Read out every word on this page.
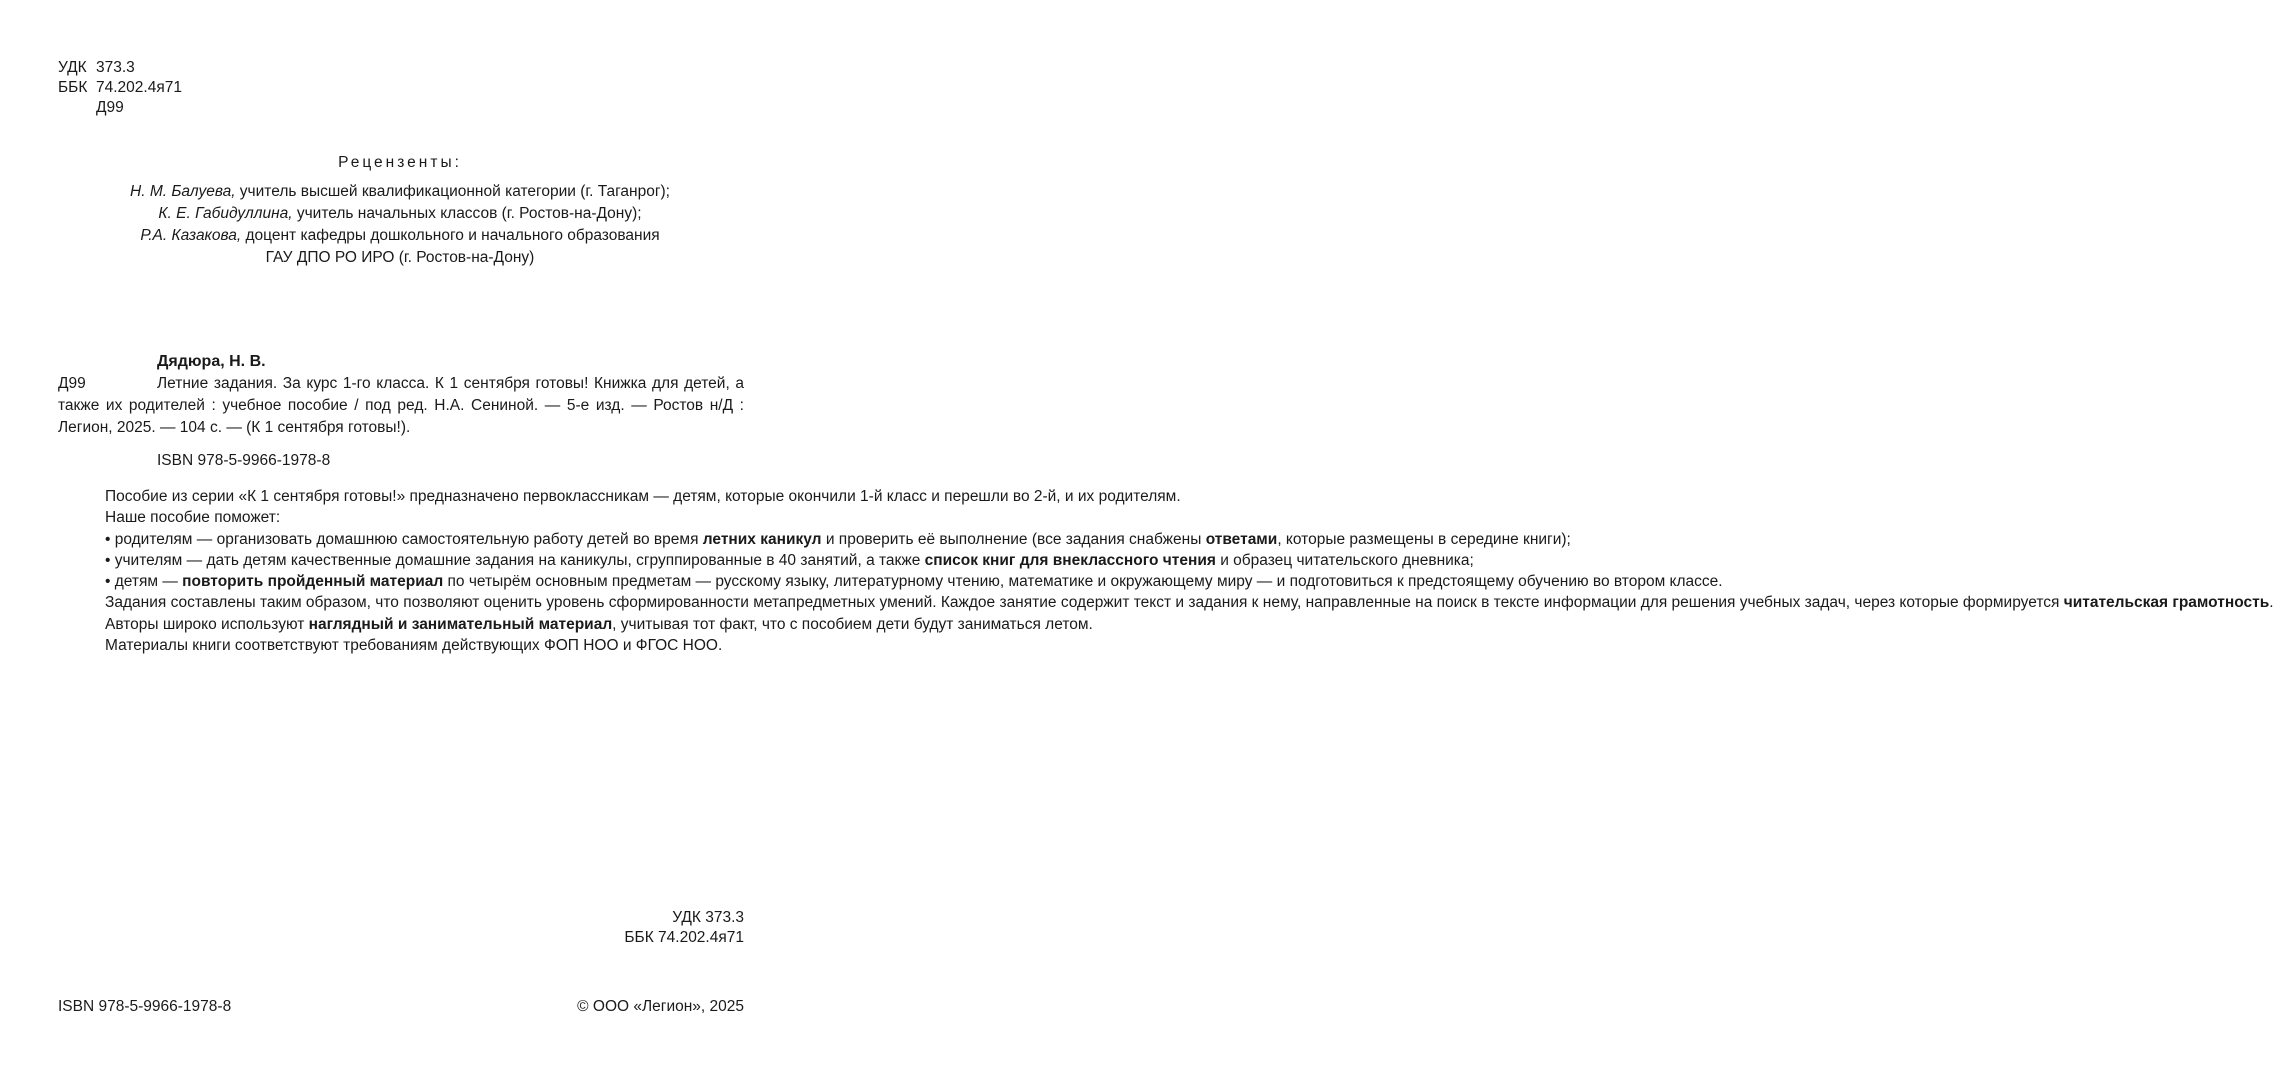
УДК 373.3
ББК 74.202.4я71
Д99
Рецензенты:
Н. М. Балуева, учитель высшей квалификационной категории (г. Таганрог);
К. Е. Габидуллина, учитель начальных классов (г. Ростов-на-Дону);
Р.А. Казакова, доцент кафедры дошкольного и начального образования
ГАУ ДПО РО ИРО (г. Ростов-на-Дону)
Дядюра, Н. В.
Д99	Летние задания. За курс 1-го класса. К 1 сентября готовы! Книжка для детей, а также их родителей : учебное пособие / под ред. Н.А. Сениной. — 5-е изд. — Ростов н/Д : Легион, 2025. — 104 с. — (К 1 сентября готовы!).

ISBN 978-5-9966-1978-8

Пособие из серии «К 1 сентября готовы!» предназначено первоклассникам — детям, которые окончили 1-й класс и перешли во 2-й, и их родителям.

Наше пособие поможет:

• родителям — организовать домашнюю самостоятельную работу детей во время летних каникул и проверить её выполнение (все задания снабжены ответами, которые размещены в середине книги);

• учителям — дать детям качественные домашние задания на каникулы, сгруппированные в 40 занятий, а также список книг для внеклассного чтения и образец читательского дневника;

• детям — повторить пройденный материал по четырём основным предметам — русскому языку, литературному чтению, математике и окружающему миру — и подготовиться к предстоящему обучению во втором классе.

Задания составлены таким образом, что позволяют оценить уровень сформированности метапредметных умений. Каждое занятие содержит текст и задания к нему, направленные на поиск в тексте информации для решения учебных задач, через которые формируется читательская грамотность.

Авторы широко используют наглядный и занимательный материал, учитывая тот факт, что с пособием дети будут заниматься летом.

Материалы книги соответствуют требованиям действующих ФОП НОО и ФГОС НОО.

УДК 373.3
ББК 74.202.4я71
ISBN 978-5-9966-1978-8	© ООО «Легион», 2025
